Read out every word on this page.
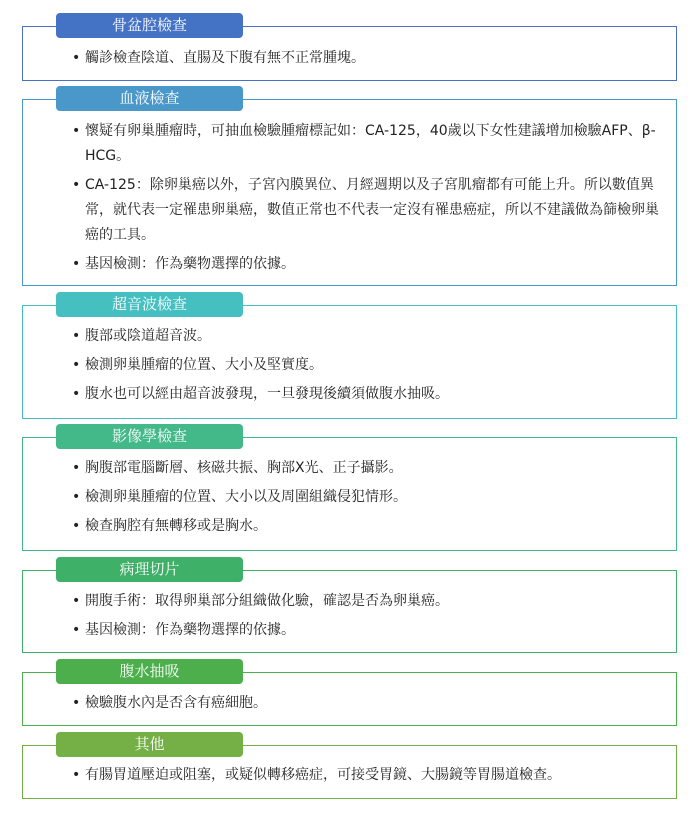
骨盆腔檢查
• 觸診檢查陰道、直腸及下腹有無不正常腫塊。
血液檢查
• 懷疑有卵巢腫瘤時，可抽血檢驗腫瘤標記如：CA-125，40歲以下女性建議增加檢驗AFP、β-HCG。
• CA-125：除卵巢癌以外，子宮內膜異位、月經週期以及子宮肌瘤都有可能上升。所以數值異常，就代表一定罹患卵巢癌，數值正常也不代表一定沒有罹患癌症，所以不建議做為篩檢卵巢癌的工具。
• 基因檢測：作為藥物選擇的依據。
超音波檢查
• 腹部或陰道超音波。
• 檢測卵巢腫瘤的位置、大小及堅實度。
• 腹水也可以經由超音波發現，一旦發現後續須做腹水抽吸。
影像學檢查
• 胸腹部電腦斷層、核磁共振、胸部X光、正子攝影。
• 檢測卵巢腫瘤的位置、大小以及周圍組織侵犯情形。
• 檢查胸腔有無轉移或是胸水。
病理切片
• 開腹手術：取得卵巢部分組織做化驗，確認是否為卵巢癌。
• 基因檢測：作為藥物選擇的依據。
腹水抽吸
• 檢驗腹水內是否含有癌細胞。
其他
• 有腸胃道壓迫或阻塞，或疑似轉移癌症，可接受胃鏡、大腸鏡等胃腸道檢查。
